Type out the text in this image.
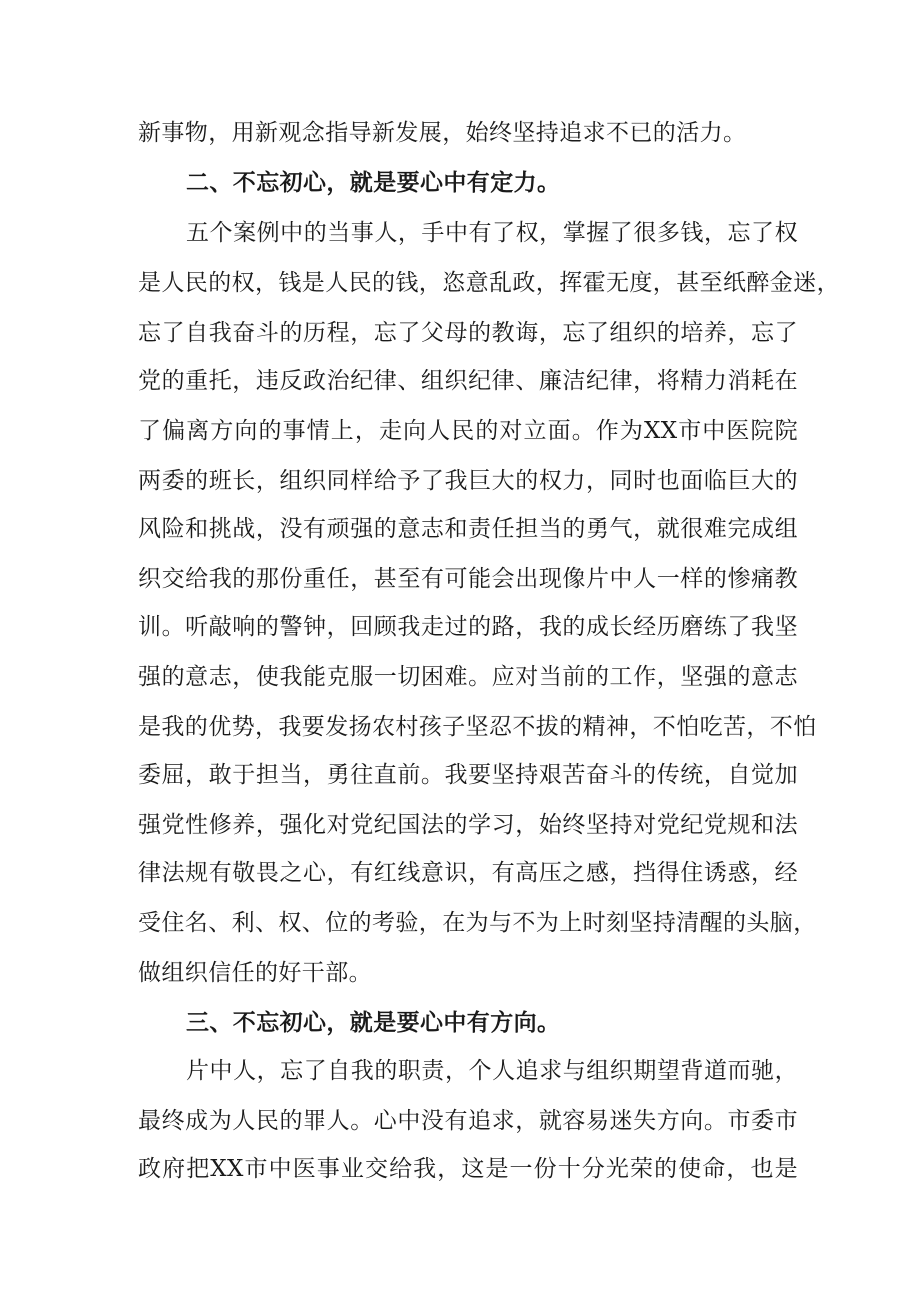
新事物，用新观念指导新发展，始终坚持追求不已的活力。
二、不忘初心，就是要心中有定力。
五个案例中的当事人，手中有了权，掌握了很多钱，忘了权
是人民的权，钱是人民的钱，恣意乱政，挥霍无度，甚至纸醉金迷，
忘了自我奋斗的历程，忘了父母的教诲，忘了组织的培养，忘了
党的重托，违反政治纪律、组织纪律、廉洁纪律，将精力消耗在
了偏离方向的事情上，走向人民的对立面。作为XX市中医院院
两委的班长，组织同样给予了我巨大的权力，同时也面临巨大的
风险和挑战，没有顽强的意志和责任担当的勇气，就很难完成组
织交给我的那份重任，甚至有可能会出现像片中人一样的惨痛教
训。听敲响的警钟，回顾我走过的路，我的成长经历磨练了我坚
强的意志，使我能克服一切困难。应对当前的工作，坚强的意志
是我的优势，我要发扬农村孩子坚忍不拔的精神，不怕吃苦，不怕
委屈，敢于担当，勇往直前。我要坚持艰苦奋斗的传统，自觉加
强党性修养，强化对党纪国法的学习，始终坚持对党纪党规和法
律法规有敬畏之心，有红线意识，有高压之感，挡得住诱惑，经
受住名、利、权、位的考验，在为与不为上时刻坚持清醒的头脑，
做组织信任的好干部。
三、不忘初心，就是要心中有方向。
片中人，忘了自我的职责，个人追求与组织期望背道而驰，
最终成为人民的罪人。心中没有追求，就容易迷失方向。市委市
政府把XX市中医事业交给我，这是一份十分光荣的使命，也是
